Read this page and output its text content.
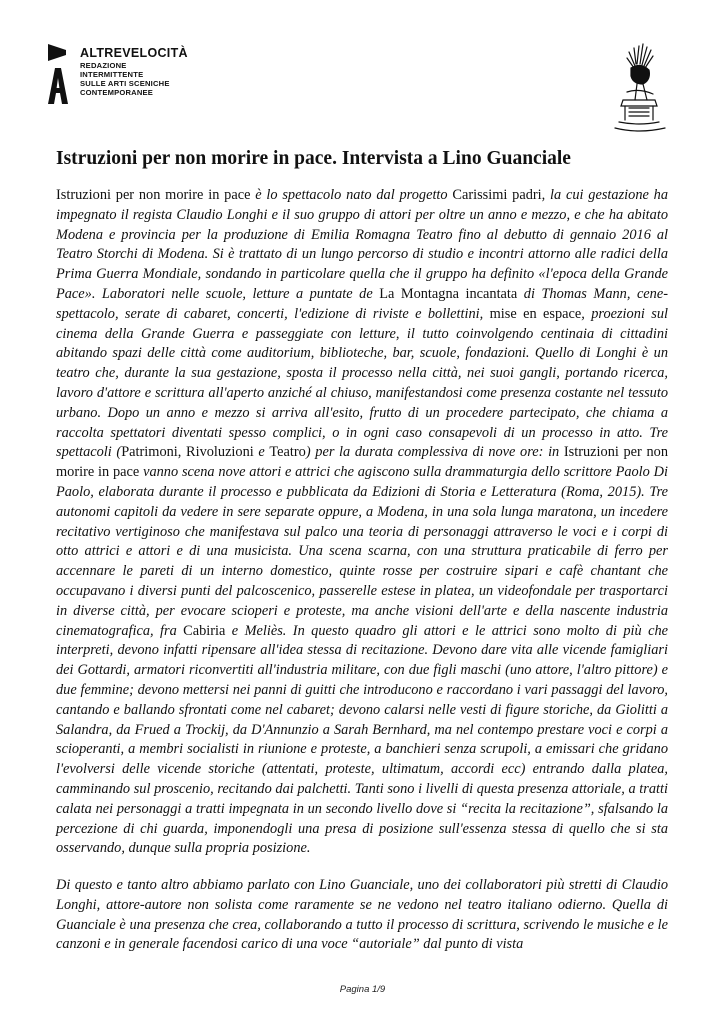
ALTREVELOCITÀ
REDAZIONE
INTERMITTENTE
SULLE ARTI SCENICHE
CONTEMPORANEE
Istruzioni per non morire in pace. Intervista a Lino Guanciale

Istruzioni per non morire in pace è lo spettacolo nato dal progetto Carissimi padri, la cui gestazione ha impegnato il regista Claudio Longhi e il suo gruppo di attori per oltre un anno e mezzo, e che ha abitato Modena e provincia per la produzione di Emilia Romagna Teatro fino al debutto di gennaio 2016 al Teatro Storchi di Modena. Si è trattato di un lungo percorso di studio e incontri attorno alle radici della Prima Guerra Mondiale, sondando in particolare quella che il gruppo ha definito «l'epoca della Grande Pace». Laboratori nelle scuole, letture a puntate de La Montagna incantata di Thomas Mann, cene-spettacolo, serate di cabaret, concerti, l'edizione di riviste e bollettini, mise en espace, proezioni sul cinema della Grande Guerra e passeggiate con letture, il tutto coinvolgendo centinaia di cittadini abitando spazi delle città come auditorium, biblioteche, bar, scuole, fondazioni. Quello di Longhi è un teatro che, durante la sua gestazione, sposta il processo nella città, nei suoi gangli, portando ricerca, lavoro d'attore e scrittura all'aperto anziché al chiuso, manifestandosi come presenza costante nel tessuto urbano. Dopo un anno e mezzo si arriva all'esito, frutto di un procedere partecipato, che chiama a raccolta spettatori diventati spesso complici, o in ogni caso consapevoli di un processo in atto. Tre spettacoli (Patrimoni, Rivoluzioni e Teatro) per la durata complessiva di nove ore: in Istruzioni per non morire in pace vanno scena nove attori e attrici che agiscono sulla drammaturgia dello scrittore Paolo Di Paolo, elaborata durante il processo e pubblicata da Edizioni di Storia e Letteratura (Roma, 2015). Tre autonomi capitoli da vedere in sere separate oppure, a Modena, in una sola lunga maratona, un incedere recitativo vertiginoso che manifestava sul palco una teoria di personaggi attraverso le voci e i corpi di otto attrici e attori e di una musicista. Una scena scarna, con una struttura praticabile di ferro per accennare le pareti di un interno domestico, quinte rosse per costruire sipari e cafè chantant che occupavano i diversi punti del palcoscenico, passerelle estese in platea, un videofondale per trasportarci in diverse città, per evocare scioperi e proteste, ma anche visioni dell'arte e della nascente industria cinematografica, fra Cabiria e Meliès. In questo quadro gli attori e le attrici sono molto di più che interpreti, devono infatti ripensare all'idea stessa di recitazione. Devono dare vita alle vicende famigliari dei Gottardi, armatori riconvertiti all'industria militare, con due figli maschi (uno attore, l'altro pittore) e due femmine; devono mettersi nei panni di guitti che introducono e raccordano i vari passaggi del lavoro, cantando e ballando sfrontati come nel cabaret; devono calarsi nelle vesti di figure storiche, da Giolitti a Salandra, da Frued a Trockij, da D'Annunzio a Sarah Bernhard, ma nel contempo prestare voci e corpi a scioperanti, a membri socialisti in riunione e proteste, a banchieri senza scrupoli, a emissari che gridano l'evolversi delle vicende storiche (attentati, proteste, ultimatum, accordi ecc) entrando dalla platea, camminando sul proscenio, recitando dai palchetti. Tanti sono i livelli di questa presenza attoriale, a tratti calata nei personaggi a tratti impegnata in un secondo livello dove si “recita la recitazione”, sfalsando la percezione di chi guarda, imponendogli una presa di posizione sull'essenza stessa di quello che si sta osservando, dunque sulla propria posizione.

Di questo e tanto altro abbiamo parlato con Lino Guanciale, uno dei collaboratori più stretti di Claudio Longhi, attore-autore non solista come raramente se ne vedono nel teatro italiano odierno. Quella di Guanciale è una presenza che crea, collaborando a tutto il processo di scrittura, scrivendo le musiche e le canzoni e in generale facendosi carico di una voce “autoriale” dal punto di vista

Pagina 1/9
